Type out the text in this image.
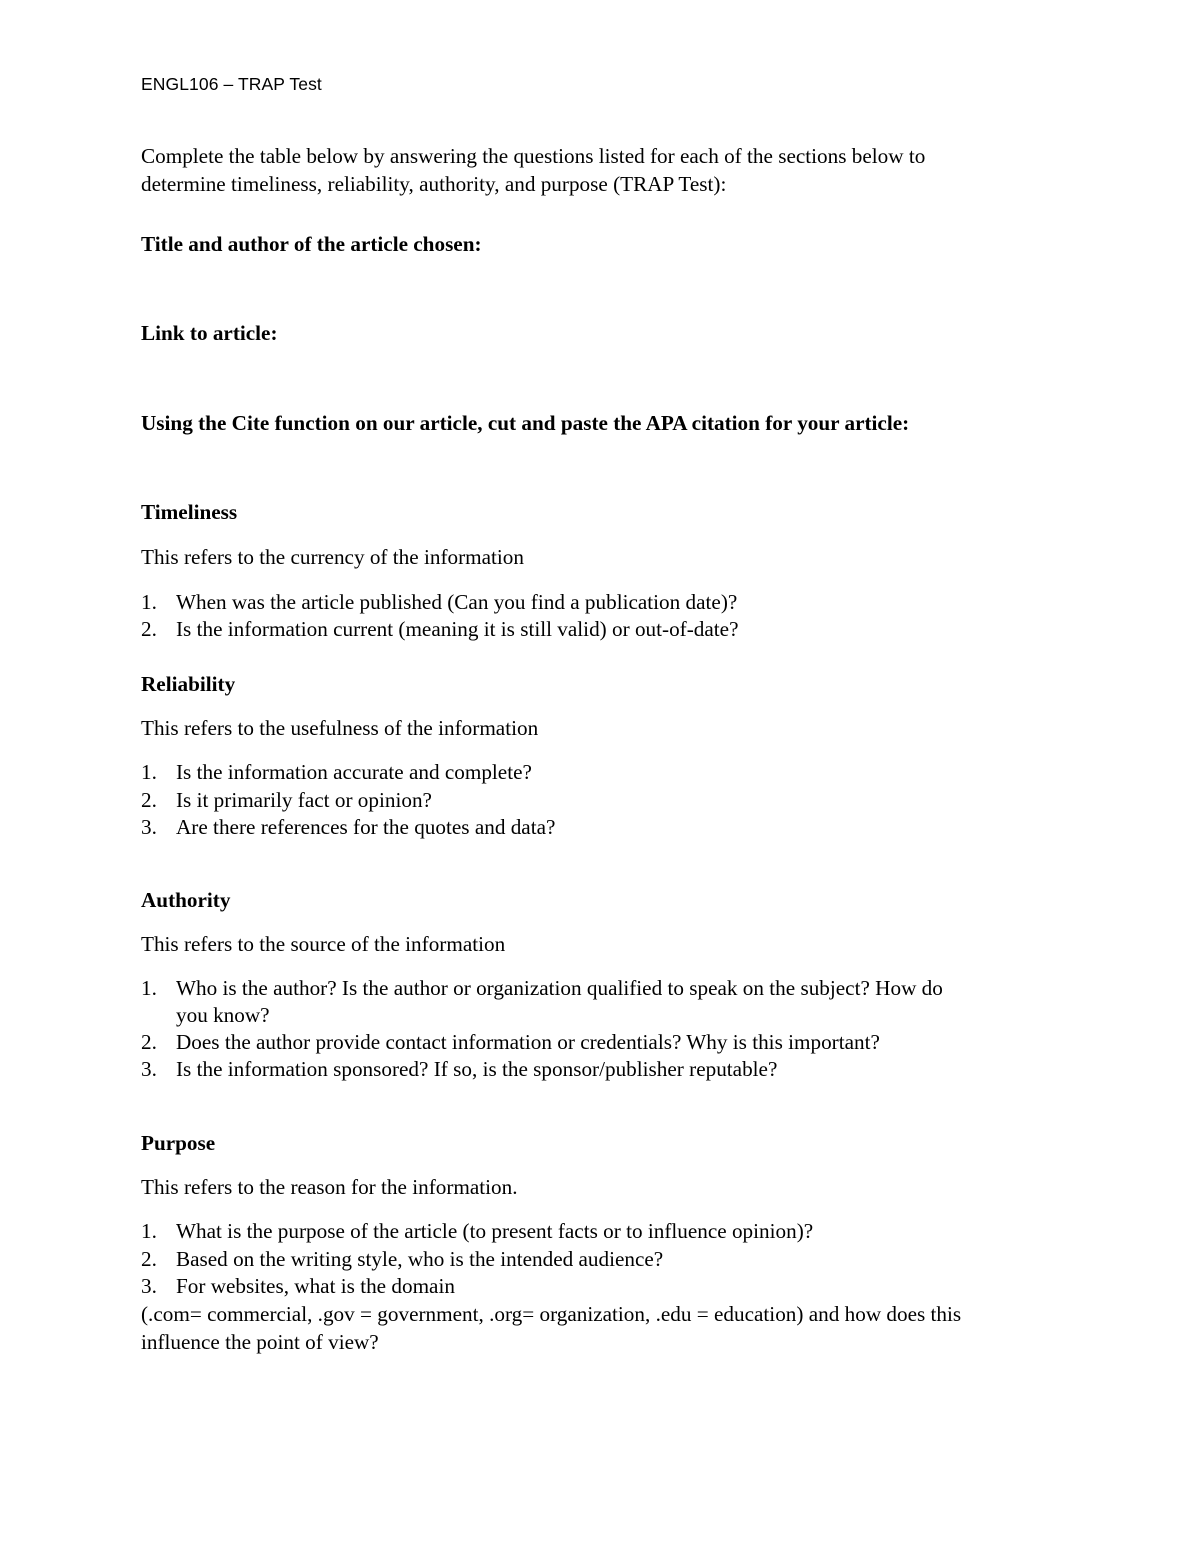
ENGL106 – TRAP Test

Complete the table below by answering the questions listed for each of the sections below to

determine timeliness, reliability, authority, and purpose (TRAP Test):

Title and author of the article chosen:

Link to article:

Using the Cite function on our article, cut and paste the APA citation for your article:

Timeliness

This refers to the currency of the information

1. When was the article published (Can you find a publication date)?
2. Is the information current (meaning it is still valid) or out-of-date?

Reliability

This refers to the usefulness of the information

1. Is the information accurate and complete?
2. Is it primarily fact or opinion?
3. Are there references for the quotes and data?

Authority

This refers to the source of the information

1. Who is the author? Is the author or organization qualified to speak on the subject? How do
you know?
2. Does the author provide contact information or credentials? Why is this important?
3. Is the information sponsored? If so, is the sponsor/publisher reputable?

Purpose

This refers to the reason for the information.

1. What is the purpose of the article (to present facts or to influence opinion)?
2. Based on the writing style, who is the intended audience?
3. For websites, what is the domain

(.com= commercial, .gov = government, .org= organization, .edu = education) and how does this

influence the point of view?
